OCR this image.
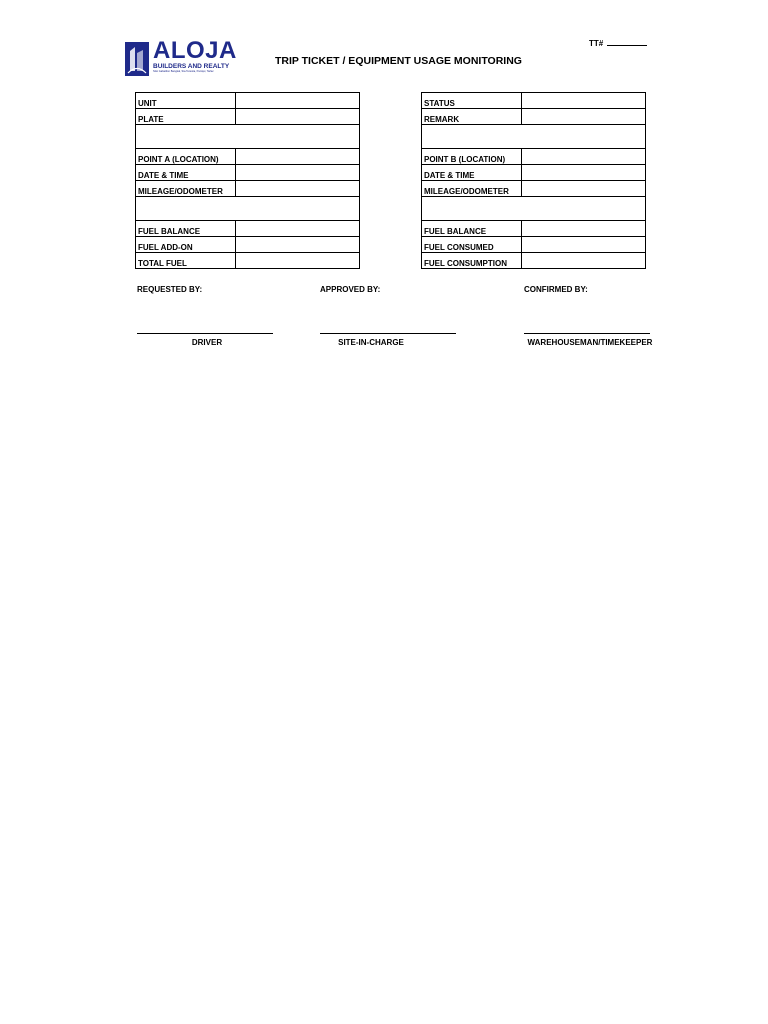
ALOJA
BUILDERS AND REALTY
Sitio Gabaldon Bangkal, Sta.Teresita, Paniqui, Tarlac
TRIP TICKET / EQUIPMENT USAGE MONITORING
TT#
UNIT	
PLATE	

POINT A (LOCATION)	
DATE & TIME	
MILEAGE/ODOMETER	

FUEL BALANCE	
FUEL ADD-ON	
TOTAL FUEL	
STATUS	
REMARK	

POINT B (LOCATION)	
DATE & TIME	
MILEAGE/ODOMETER	

FUEL BALANCE	
FUEL CONSUMED	
FUEL CONSUMPTION	
REQUESTED BY:	APPROVED BY:	CONFIRMED BY:
DRIVER	SITE-IN-CHARGE	WAREHOUSEMAN/TIMEKEEPER
